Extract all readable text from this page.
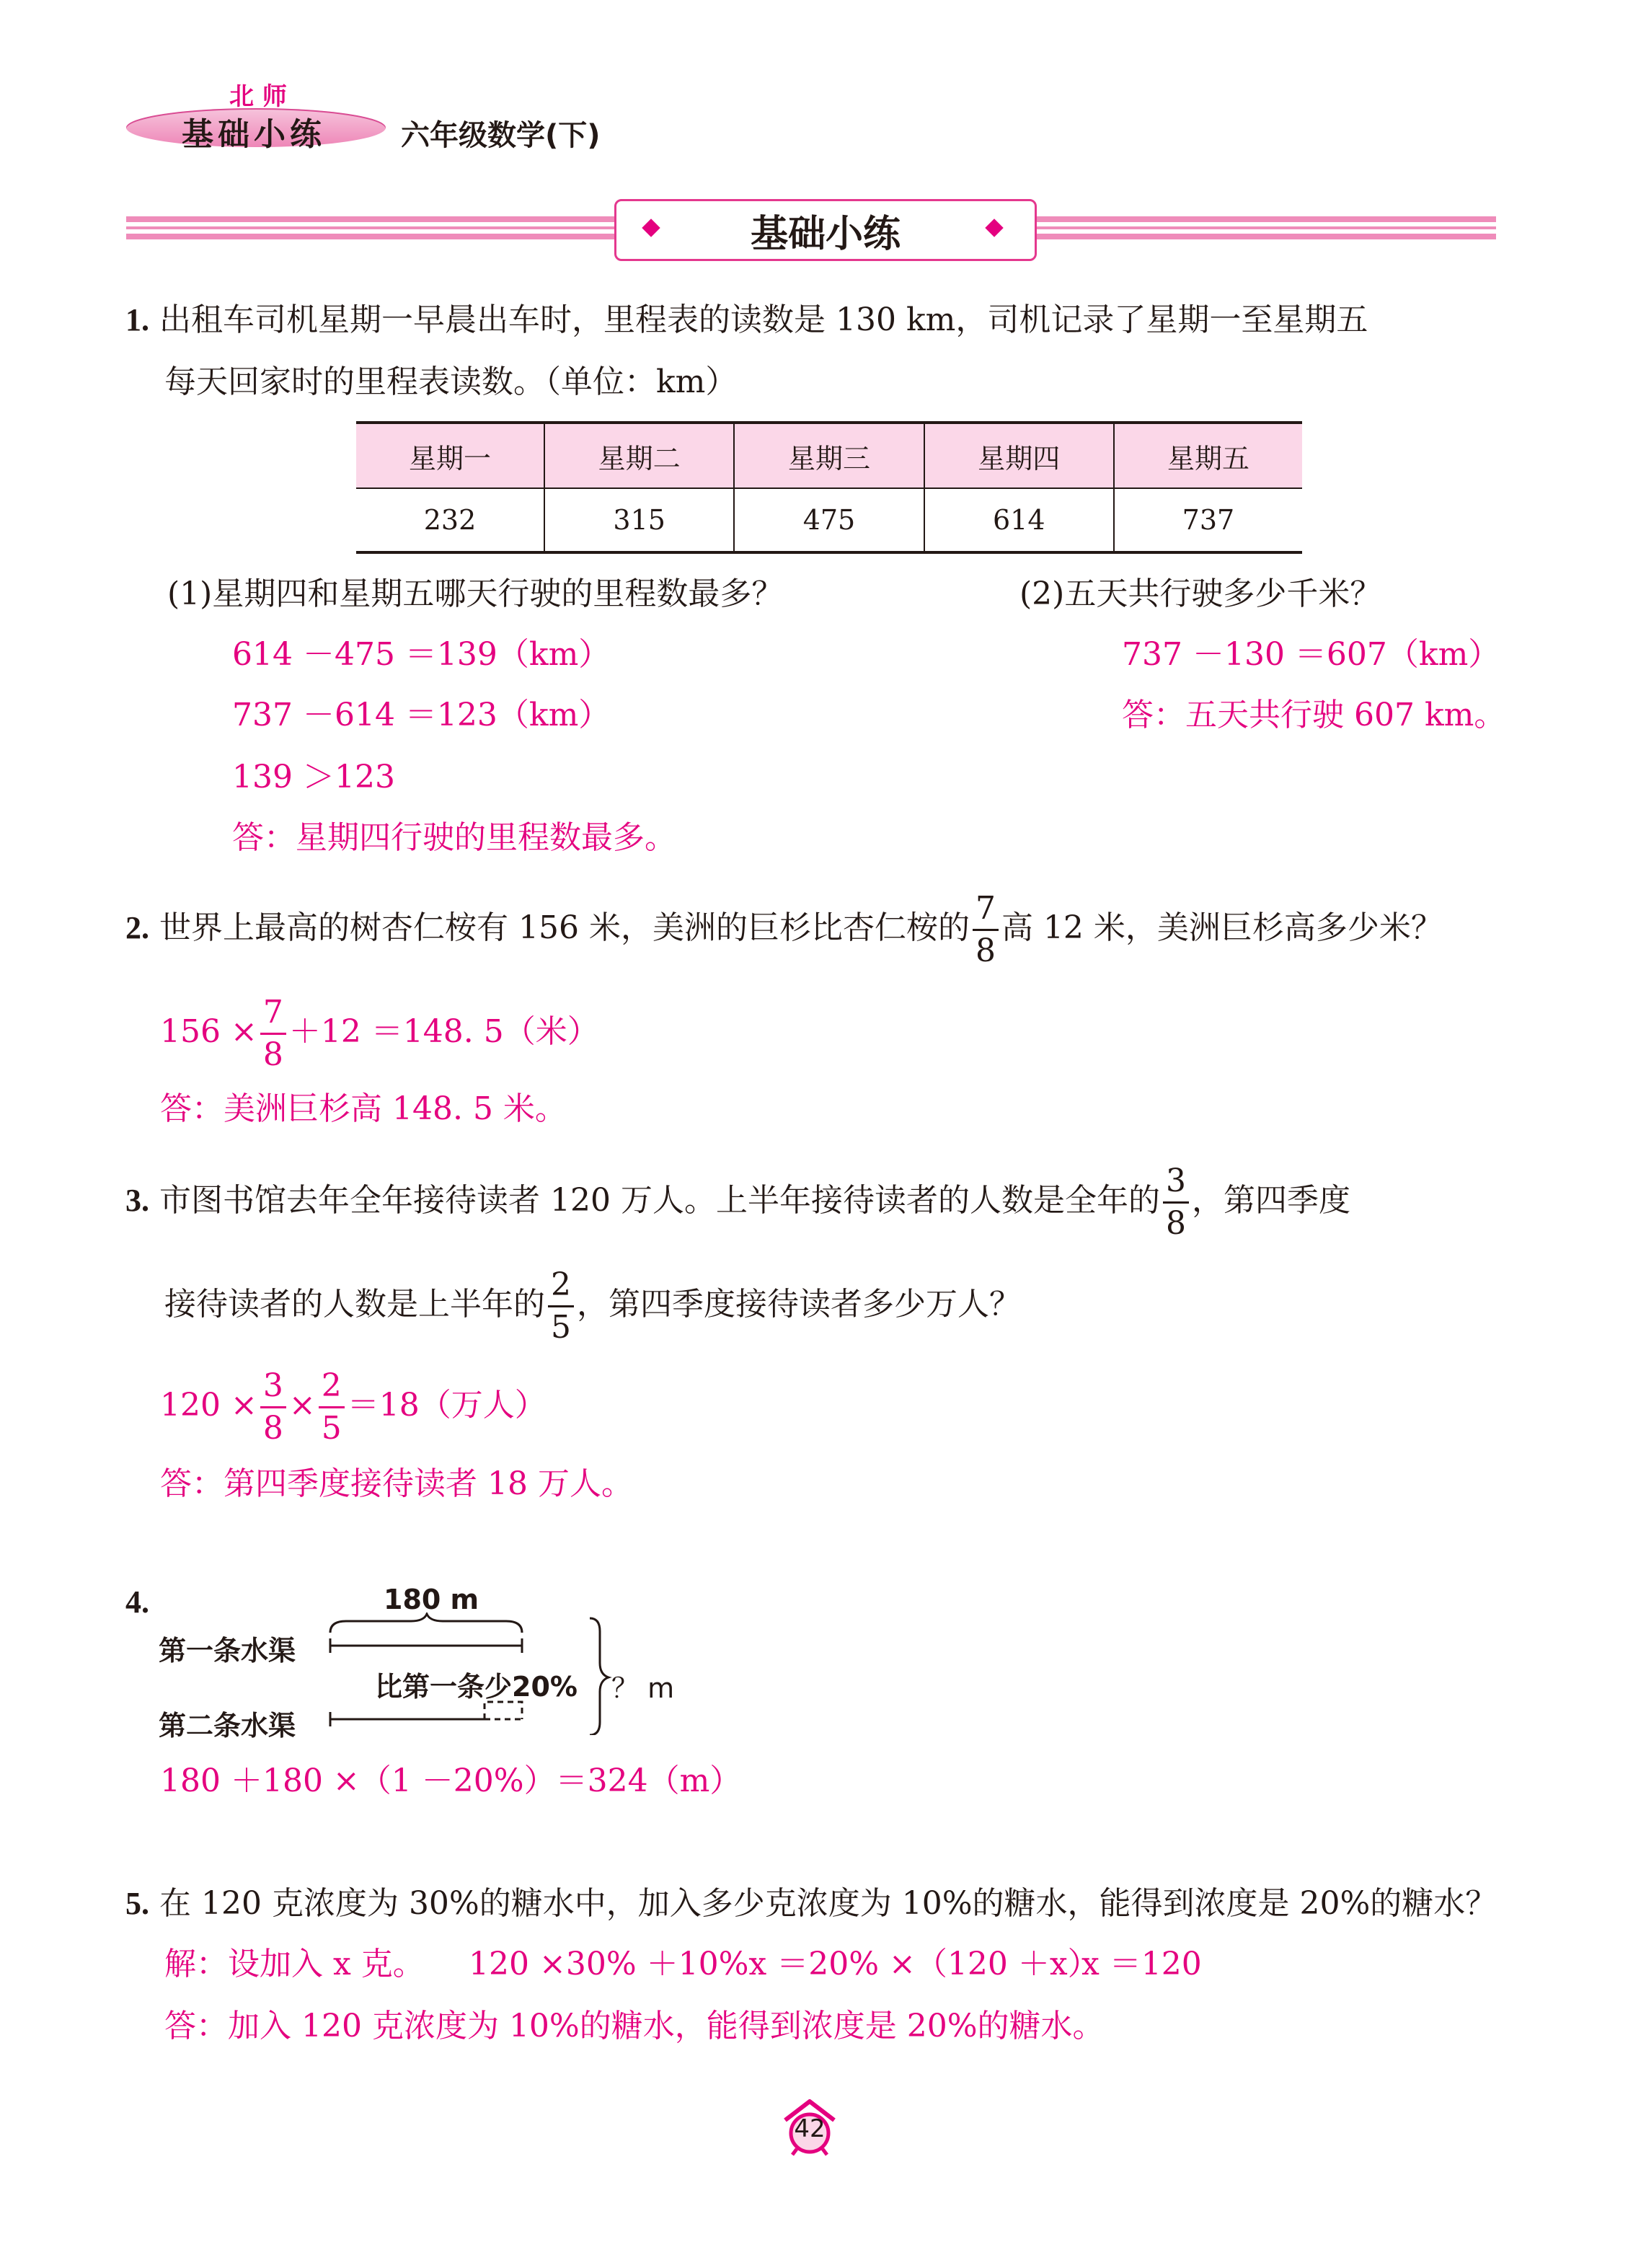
北 师
基础小练	六年级数学(下)
基础小练
1. 出租车司机星期一早晨出车时，里程表的读数是 130 km，司机记录了星期一至星期五
每天回家时的里程表读数。（单位：km）
星期一	星期二	星期三	星期四	星期五
232	315	475	614	737
(1)星期四和星期五哪天行驶的里程数最多？
614 －475 ＝139（km）
737 －614 ＝123（km）
139 ＞123
答：星期四行驶的里程数最多。
(2)五天共行驶多少千米？
737 －130 ＝607（km）
答：五天共行驶 607 km。
2. 世界上最高的树杏仁桉有 156 米，美洲的巨杉比杏仁桉的 $\frac{7}{8}$ 高 12 米，美洲巨杉高多少米？
$156 \times \frac{7}{8} +12 =148$. 5（米）
答：美洲巨杉高 148. 5 米。
3. 市图书馆去年全年接待读者 120 万人。上半年接待读者的人数是全年的 $\frac{3}{8}$ ，第四季度
接待读者的人数是上半年的 $\frac{2}{5}$ ，第四季度接待读者多少万人？
$120 \times \frac{3}{8} \times \frac{2}{5} =18$（万人）
答：第四季度接待读者 18 万人。
4.	180 m
第一条水渠
比第一条少20%
第二条水渠
？ m
180 ＋180 ×（1 －20%）＝324（m）
5. 在 120 克浓度为 30%的糖水中，加入多少克浓度为 10%的糖水，能得到浓度是 20%的糖水？
解：设加入 x 克。 120 ×30% ＋10%x ＝20% ×（120 ＋x）
x ＝120
答：加入 120 克浓度为 10%的糖水，能得到浓度是 20%的糖水。
42
